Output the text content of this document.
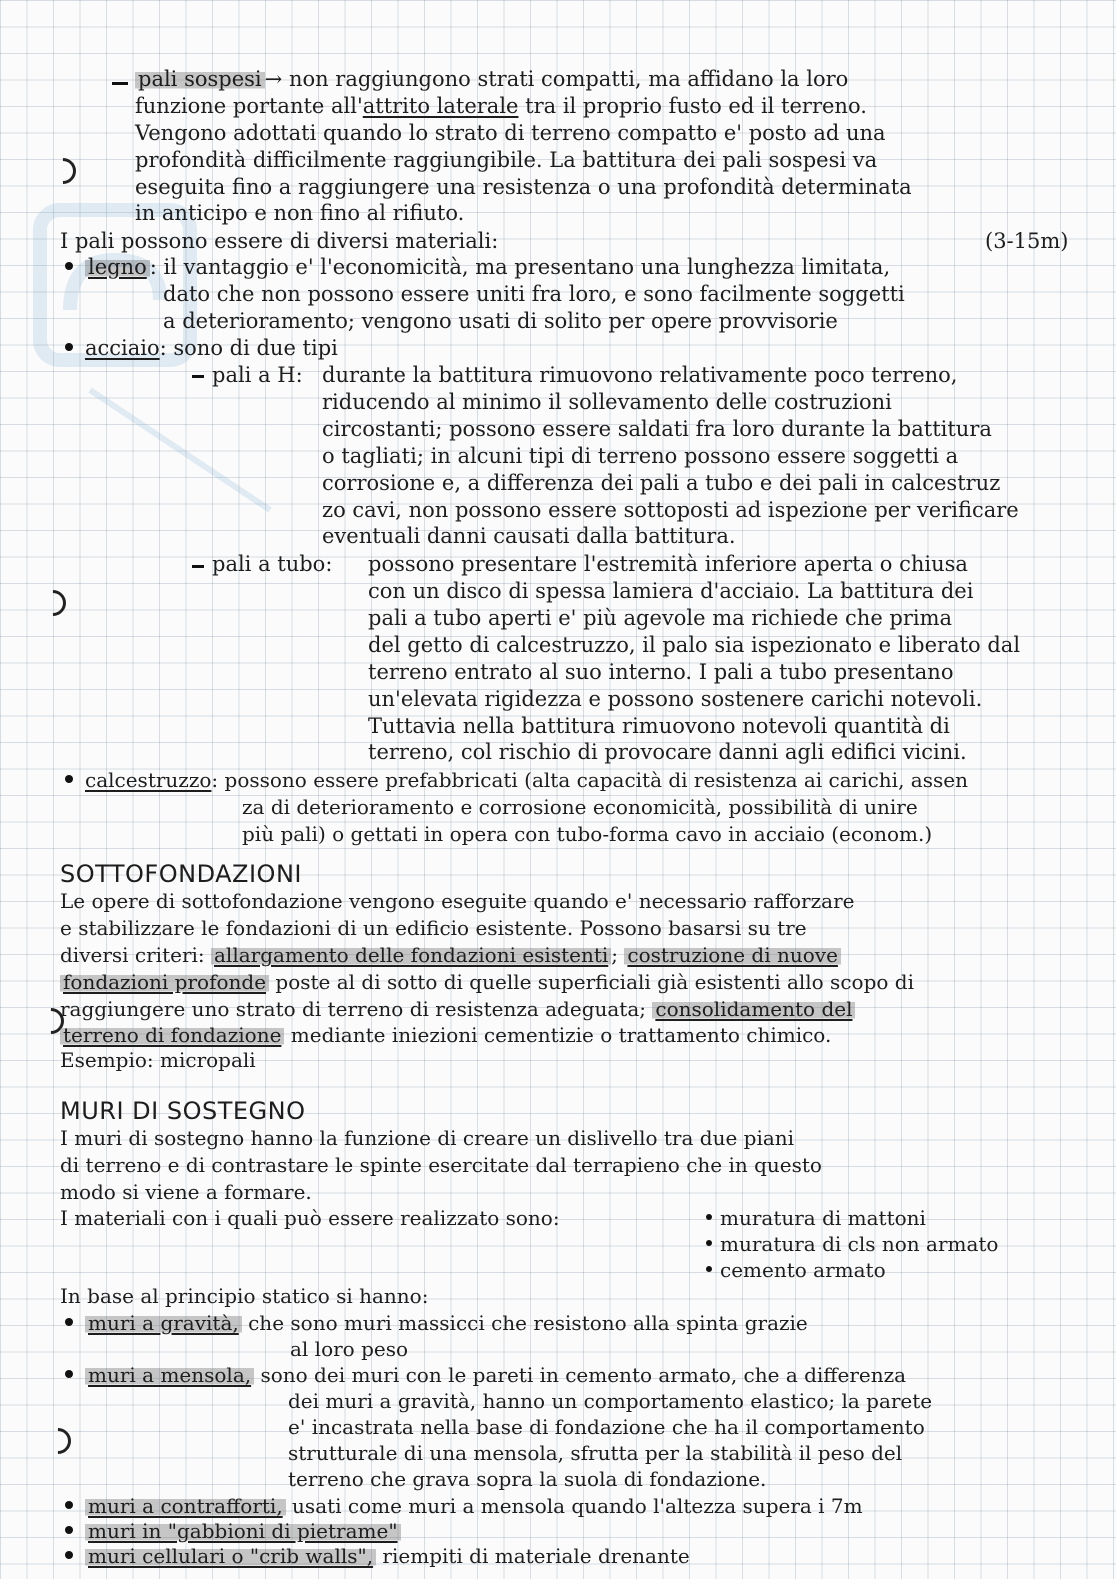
pali sospesi → non raggiungono strati compatti, ma affidano la loro
funzione portante all'attrito laterale tra il proprio fusto ed il terreno.
Vengono adottati quando lo strato di terreno compatto e' posto ad una
profondità difficilmente raggiungibile. La battitura dei pali sospesi va
eseguita fino a raggiungere una resistenza o una profondità determinata
in anticipo e non fino al rifiuto.
I pali possono essere di diversi materiali:	(3-15m)
legno : il vantaggio e' l'economicità, ma presentano una lunghezza limitata,
dato che non possono essere uniti fra loro, e sono facilmente soggetti
a deterioramento; vengono usati di solito per opere provvisorie
acciaio: sono di due tipi
pali a H: durante la battitura rimuovono relativamente poco terreno,
riducendo al minimo il sollevamento delle costruzioni
circostanti; possono essere saldati fra loro durante la battitura
o tagliati; in alcuni tipi di terreno possono essere soggetti a
corrosione e, a differenza dei pali a tubo e dei pali in calcestruz
zo cavi, non possono essere sottoposti ad ispezione per verificare
eventuali danni causati dalla battitura.
pali a tubo: possono presentare l'estremità inferiore aperta o chiusa
con un disco di spessa lamiera d'acciaio. La battitura dei
pali a tubo aperti e' più agevole ma richiede che prima
del getto di calcestruzzo, il palo sia ispezionato e liberato dal
terreno entrato al suo interno. I pali a tubo presentano
un'elevata rigidezza e possono sostenere carichi notevoli.
Tuttavia nella battitura rimuovono notevoli quantità di
terreno, col rischio di provocare danni agli edifici vicini.
calcestruzzo: possono essere prefabbricati (alta capacità di resistenza ai carichi, assen
za di deterioramento e corrosione economicità, possibilità di unire
più pali) o gettati in opera con tubo-forma cavo in acciaio (econom.)
SOTTOFONDAZIONI
Le opere di sottofondazione vengono eseguite quando e' necessario rafforzare
e stabilizzare le fondazioni di un edificio esistente. Possono basarsi su tre
diversi criteri: allargamento delle fondazioni esistenti ; costruzione di nuove
fondazioni profonde poste al di sotto di quelle superficiali già esistenti allo scopo di
raggiungere uno strato di terreno di resistenza adeguata; consolidamento del
terreno di fondazione mediante iniezioni cementizie o trattamento chimico.
Esempio: micropali
MURI DI SOSTEGNO
I muri di sostegno hanno la funzione di creare un dislivello tra due piani
di terreno e di contrastare le spinte esercitate dal terrapieno che in questo
modo si viene a formare.
I materiali con i quali può essere realizzato sono:	muratura di mattoni
muratura di cls non armato
cemento armato
In base al principio statico si hanno:
muri a gravità, che sono muri massicci che resistono alla spinta grazie
al loro peso
muri a mensola, sono dei muri con le pareti in cemento armato, che a differenza
dei muri a gravità, hanno un comportamento elastico; la parete
e' incastrata nella base di fondazione che ha il comportamento
strutturale di una mensola, sfrutta per la stabilità il peso del
terreno che grava sopra la suola di fondazione.
muri a contrafforti, usati come muri a mensola quando l'altezza supera i 7m
muri in "gabbioni di pietrame"
muri cellulari o "crib walls", riempiti di materiale drenante
